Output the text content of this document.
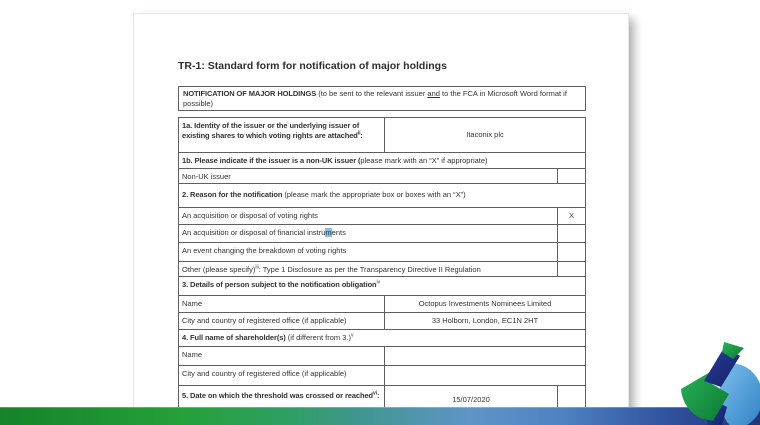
TR-1: Standard form for notification of major holdings
NOTIFICATION OF MAJOR HOLDINGS (to be sent to the relevant issuer and to the FCA in Microsoft Word format if possible)
1a. Identity of the issuer or the underlying issuer of existing shares to which voting rights are attached$^{ii}$:	Itaconix plc
1b. Please indicate if the issuer is a non-UK issuer (please mark with an “X” if appropriate)
Non-UK issuer
2. Reason for the notification (please mark the appropriate box or boxes with an “X”)
An acquisition or disposal of voting rights	X
An acquisition or disposal of financial instruments
An event changing the breakdown of voting rights
Other (please specify)$^{iii}$: Type 1 Disclosure as per the Transparency Directive II Regulation
3. Details of person subject to the notification obligation$^{iv}$
Name	Octopus Investments Nominees Limited
City and country of registered office (if applicable)	33 Holborn, London, EC1N 2HT
4. Full name of shareholder(s) (if different from 3.)$^v$
Name
City and country of registered office (if applicable)
5. Date on which the threshold was crossed or reached$^{vi}$:	15/07/2020
